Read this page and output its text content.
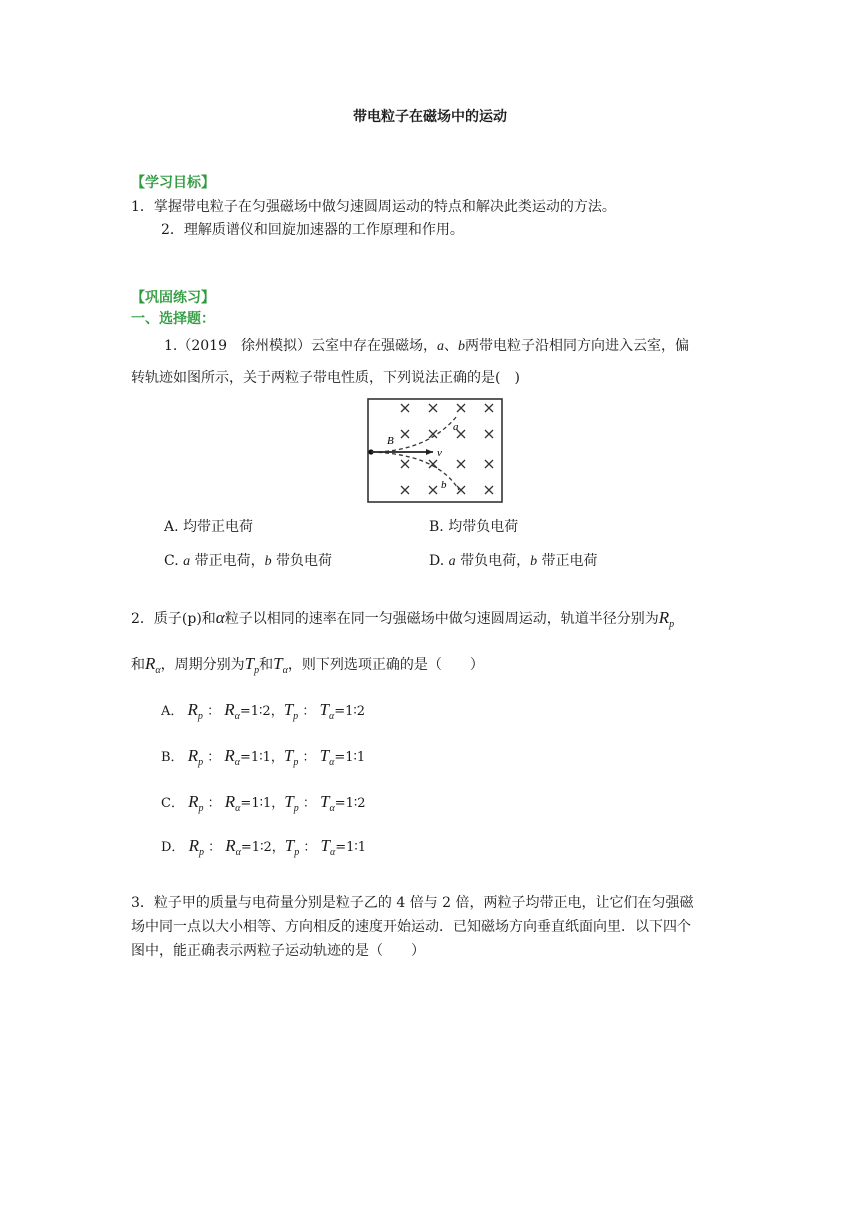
带电粒子在磁场中的运动
【学习目标】
1．掌握带电粒子在匀强磁场中做匀速圆周运动的特点和解决此类运动的方法。
2．理解质谱仪和回旋加速器的工作原理和作用。
【巩固练习】
一、选择题：
1.（2019　徐州模拟）云室中存在强磁场，a、b两带电粒子沿相同方向进入云室，偏
转轨迹如图所示，关于两粒子带电性质，下列说法正确的是(　)
B
a
b
v
A. 均带正电荷	B. 均带负电荷
C. a 带正电荷，b 带负电荷	D. a 带负电荷，b 带正电荷
2．质子(p)和α粒子以相同的速率在同一匀强磁场中做匀速圆周运动，轨道半径分别为$R_p$
和$R_\alpha$，周期分别为$T_p$和$T_\alpha$，则下列选项正确的是（　　）
A． $R_p$ ： $R_\alpha=1∶2$，$T_p$ ： $T_\alpha=1∶2$
B． $R_p$ ： $R_\alpha=1∶1$，$T_p$ ： $T_\alpha=1∶1$
C． $R_p$ ： $R_\alpha=1∶1$，$T_p$ ： $T_\alpha=1∶2$
D． $R_p$ ： $R_\alpha=1∶2$，$T_p$ ： $T_\alpha=1∶1$
3．粒子甲的质量与电荷量分别是粒子乙的 4 倍与 2 倍，两粒子均带正电，让它们在匀强磁
场中同一点以大小相等、方向相反的速度开始运动．已知磁场方向垂直纸面向里．以下四个
图中，能正确表示两粒子运动轨迹的是（　　）
